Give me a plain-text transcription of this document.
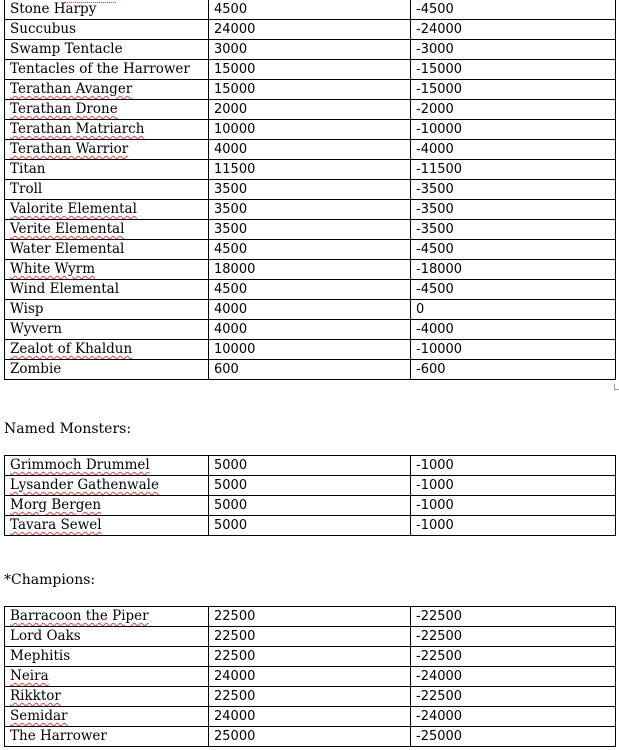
Stone Harpy	4500	-4500
Succubus	24000	-24000
Swamp Tentacle	3000	-3000
Tentacles of the Harrower	15000	-15000
Terathan Avanger	15000	-15000
Terathan Drone	2000	-2000
Terathan Matriarch	10000	-10000
Terathan Warrior	4000	-4000
Titan	11500	-11500
Troll	3500	-3500
Valorite Elemental	3500	-3500
Verite Elemental	3500	-3500
Water Elemental	4500	-4500
White Wyrm	18000	-18000
Wind Elemental	4500	-4500
Wisp	4000	0
Wyvern	4000	-4000
Zealot of Khaldun	10000	-10000
Zombie	600	-600

Named Monsters:

Grimmoch Drummel	5000	-1000
Lysander Gathenwale	5000	-1000
Morg Bergen	5000	-1000
Tavara Sewel	5000	-1000

*Champions:

Barracoon the Piper	22500	-22500
Lord Oaks	22500	-22500
Mephitis	22500	-22500
Neira	24000	-24000
Rikktor	22500	-22500
Semidar	24000	-24000
The Harrower	25000	-25000
